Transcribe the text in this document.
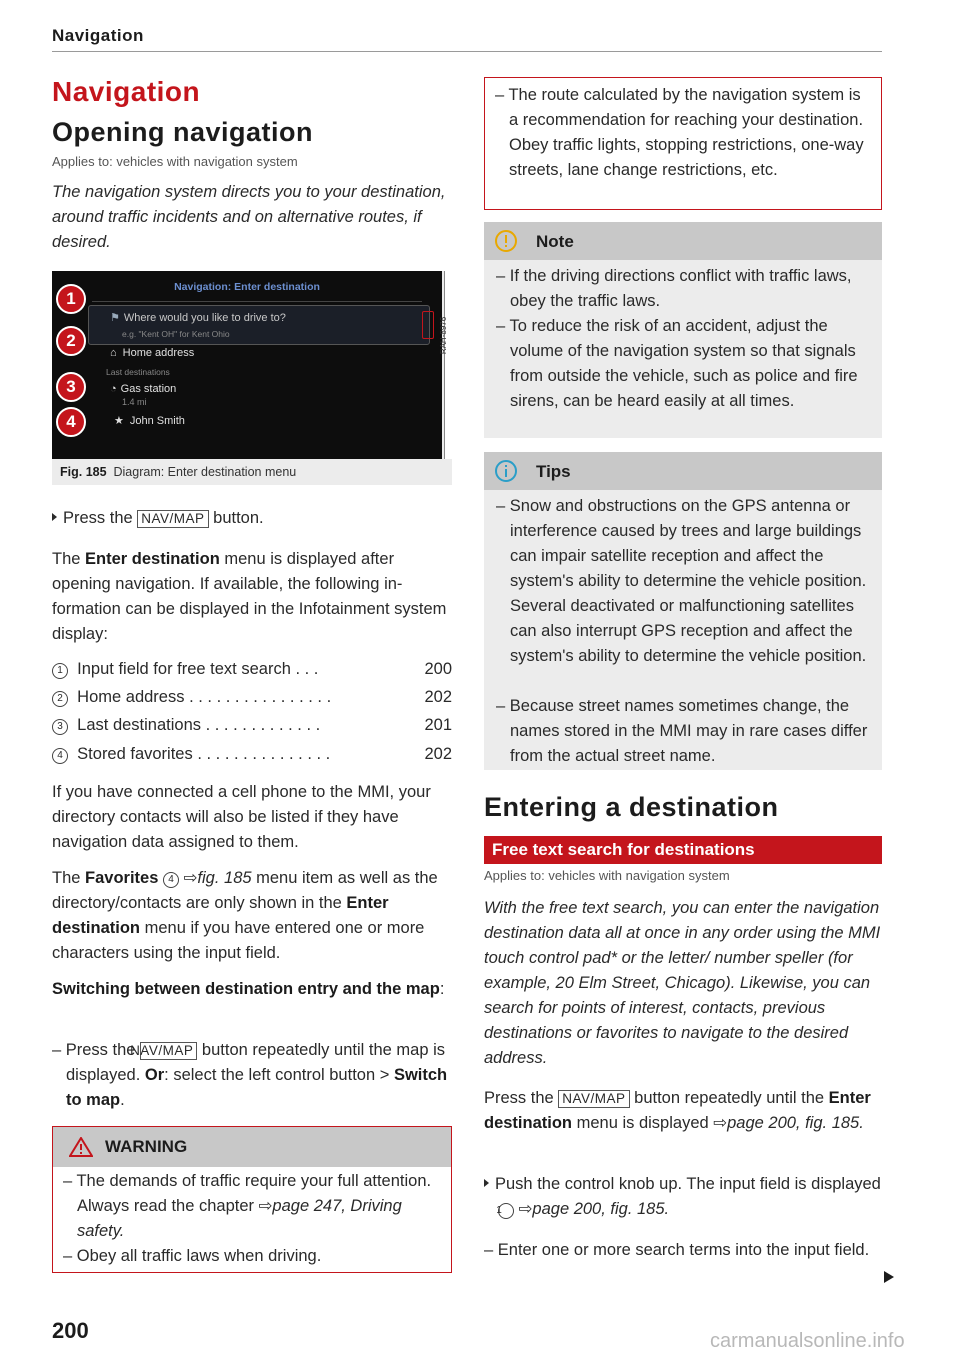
Navigation
Navigation
Opening navigation
Applies to: vehicles with navigation system
The navigation system directs you to your destination, around traffic incidents and on alternative routes, if desired.
Navigation: Enter destination
⚑ Where would you like to drive to?
e.g. "Kent OH" for Kent Ohio
⌂ Home address
Last destinations
◔ Gas station
1.4 mi
★ John Smith
1
2
3
4
RAH-8976
Fig. 185 Diagram: Enter destination menu
Press the NAV/MAP button.
The Enter destination menu is displayed after opening navigation. If available, the following information can be displayed in the Infotainment system display:
1 Input field for free text search . . .	200
2 Home address . . . . . . . . . . . . . . . .	202
3 Last destinations . . . . . . . . . . . . .	201
4 Stored favorites . . . . . . . . . . . . . . .	202
If you have connected a cell phone to the MMI, your directory contacts will also be listed if they have navigation data assigned to them.
The Favorites 4 ⇨fig. 185 menu item as well as the directory/contacts are only shown in the Enter destination menu if you have entered one or more characters using the input field.
Switching between destination entry and the map:
– Press the NAV/MAP button repeatedly until the map is displayed. Or: select the left control button > Switch to map.
WARNING
– The demands of traffic require your full attention. Always read the chapter ⇨page 247, Driving safety.
– Obey all traffic laws when driving.
200
– The route calculated by the navigation system is a recommendation for reaching your destination. Obey traffic lights, stopping restrictions, one-way streets, lane change restrictions, etc.
Note
– If the driving directions conflict with traffic laws, obey the traffic laws.
– To reduce the risk of an accident, adjust the volume of the navigation system so that signals from outside the vehicle, such as police and fire sirens, can be heard easily at all times.
Tips
– Snow and obstructions on the GPS antenna or interference caused by trees and large buildings can impair satellite reception and affect the system's ability to determine the vehicle position. Several deactivated or malfunctioning satellites can also interrupt GPS reception and affect the system's ability to determine the vehicle position.
– Because street names sometimes change, the names stored in the MMI may in rare cases differ from the actual street name.
Entering a destination
Free text search for destinations
Applies to: vehicles with navigation system
With the free text search, you can enter the navigation destination data all at once in any order using the MMI touch control pad* or the letter/ number speller (for example, 20 Elm Street, Chicago). Likewise, you can search for points of interest, contacts, previous destinations or favorites to navigate to the desired address.
Press the NAV/MAP button repeatedly until the Enter destination menu is displayed ⇨page 200, fig. 185.
Push the control knob up. The input field is displayed 1 ⇨page 200, fig. 185.
– Enter one or more search terms into the input field.
carmanualsonline.info
